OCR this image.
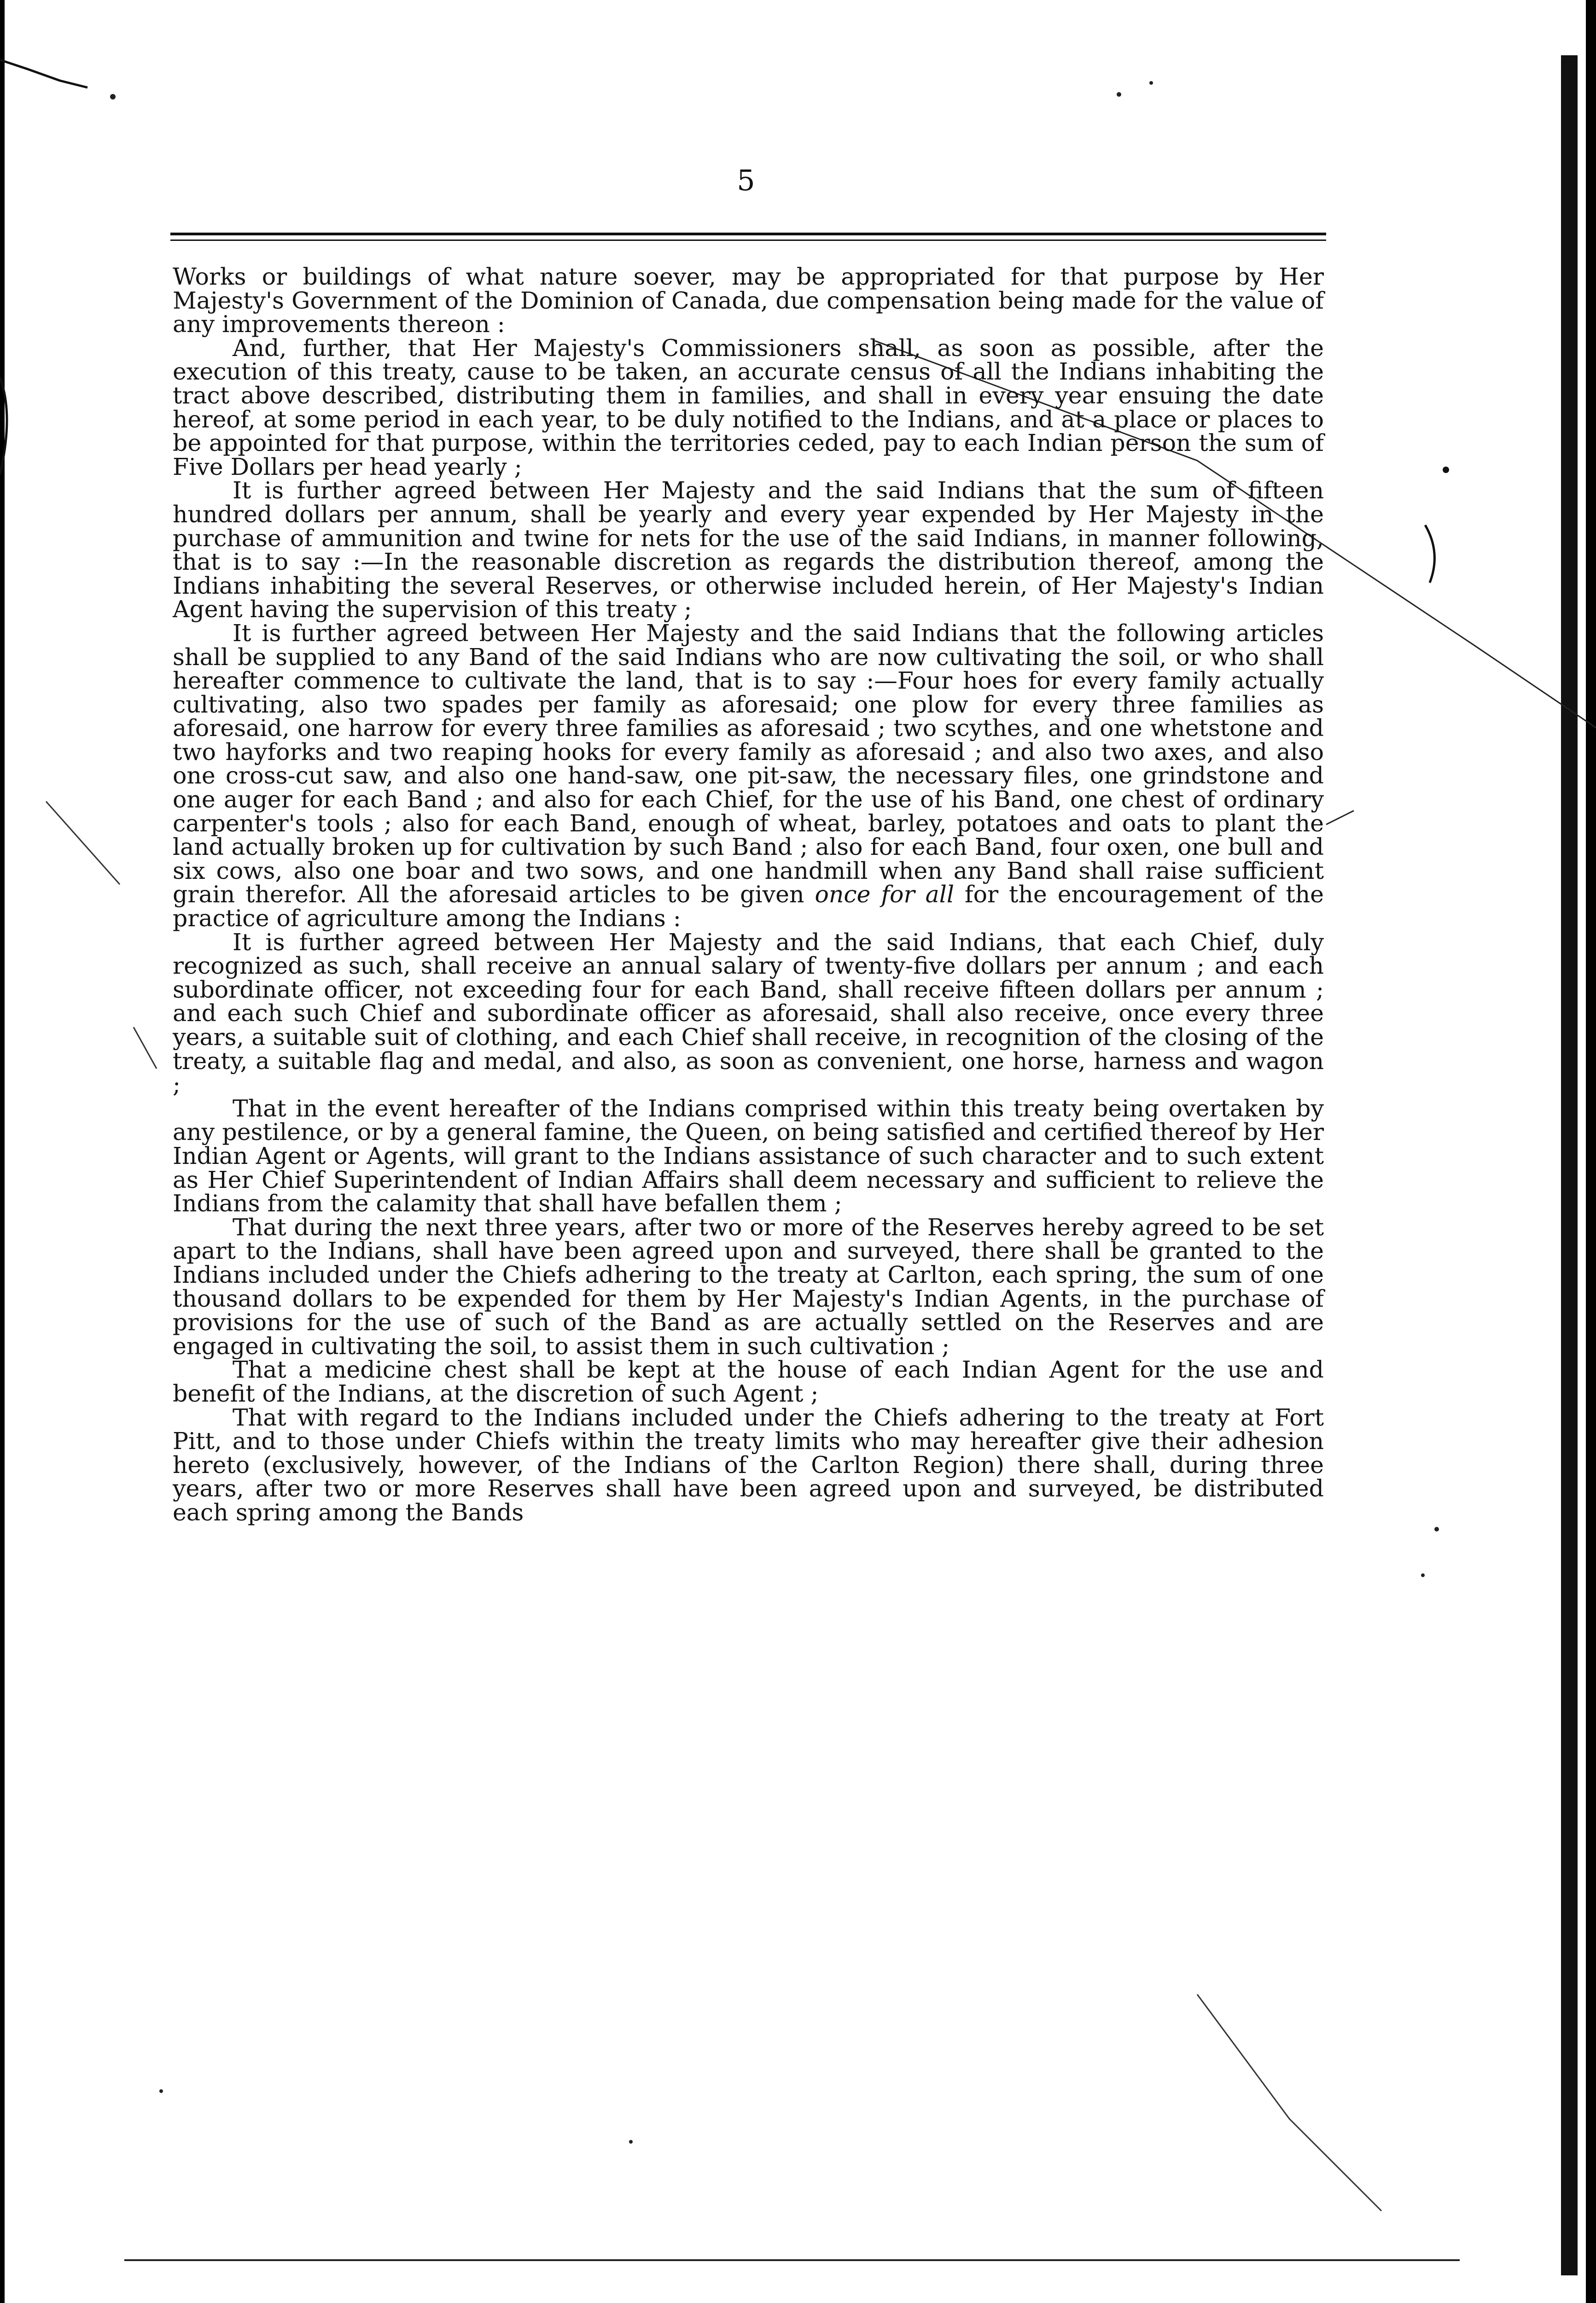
5

Works or buildings of what nature soever, may be appropriated for that purpose by Her Majesty's Government of the Dominion of Canada, due compensation being made for the value of any improvements thereon :

And, further, that Her Majesty's Commissioners shall, as soon as possible, after the execution of this treaty, cause to be taken, an accurate census of all the Indians inhabiting the tract above described, distributing them in families, and shall in every year ensuing the date hereof, at some period in each year, to be duly notified to the Indians, and at a place or places to be appointed for that purpose, within the territories ceded, pay to each Indian person the sum of Five Dollars per head yearly ;

It is further agreed between Her Majesty and the said Indians that the sum of fifteen hundred dollars per annum, shall be yearly and every year expended by Her Majesty in the purchase of ammunition and twine for nets for the use of the said Indians, in manner following, that is to say :—In the reasonable discretion as regards the distribution thereof, among the Indians inhabiting the several Reserves, or otherwise included herein, of Her Majesty's Indian Agent having the supervision of this treaty ;

It is further agreed between Her Majesty and the said Indians that the following articles shall be supplied to any Band of the said Indians who are now cultivating the soil, or who shall hereafter commence to cultivate the land, that is to say :—Four hoes for every family actually cultivating, also two spades per family as aforesaid; one plow for every three families as aforesaid, one harrow for every three families as aforesaid ; two scythes, and one whetstone and two hayforks and two reaping hooks for every family as aforesaid ; and also two axes, and also one cross-cut saw, and also one hand-saw, one pit-saw, the necessary files, one grindstone and one auger for each Band ; and also for each Chief, for the use of his Band, one chest of ordinary carpenter's tools ; also for each Band, enough of wheat, barley, potatoes and oats to plant the land actually broken up for cultivation by such Band ; also for each Band, four oxen, one bull and six cows, also one boar and two sows, and one handmill when any Band shall raise sufficient grain therefor. All the aforesaid articles to be given once for all for the encouragement of the practice of agriculture among the Indians :

It is further agreed between Her Majesty and the said Indians, that each Chief, duly recognized as such, shall receive an annual salary of twenty-five dollars per annum ; and each subordinate officer, not exceeding four for each Band, shall receive fifteen dollars per annum ; and each such Chief and subordinate officer as aforesaid, shall also receive, once every three years, a suitable suit of clothing, and each Chief shall receive, in recognition of the closing of the treaty, a suitable flag and medal, and also, as soon as convenient, one horse, harness and wagon ;

That in the event hereafter of the Indians comprised within this treaty being overtaken by any pestilence, or by a general famine, the Queen, on being satisfied and certified thereof by Her Indian Agent or Agents, will grant to the Indians assistance of such character and to such extent as Her Chief Superintendent of Indian Affairs shall deem necessary and sufficient to relieve the Indians from the calamity that shall have befallen them ;

That during the next three years, after two or more of the Reserves hereby agreed to be set apart to the Indians, shall have been agreed upon and surveyed, there shall be granted to the Indians included under the Chiefs adhering to the treaty at Carlton, each spring, the sum of one thousand dollars to be expended for them by Her Majesty's Indian Agents, in the purchase of provisions for the use of such of the Band as are actually settled on the Reserves and are engaged in cultivating the soil, to assist them in such cultivation ;

That a medicine chest shall be kept at the house of each Indian Agent for the use and benefit of the Indians, at the discretion of such Agent ;

That with regard to the Indians included under the Chiefs adhering to the treaty at Fort Pitt, and to those under Chiefs within the treaty limits who may hereafter give their adhesion hereto (exclusively, however, of the Indians of the Carlton Region) there shall, during three years, after two or more Reserves shall have been agreed upon and surveyed, be distributed each spring among the Bands
